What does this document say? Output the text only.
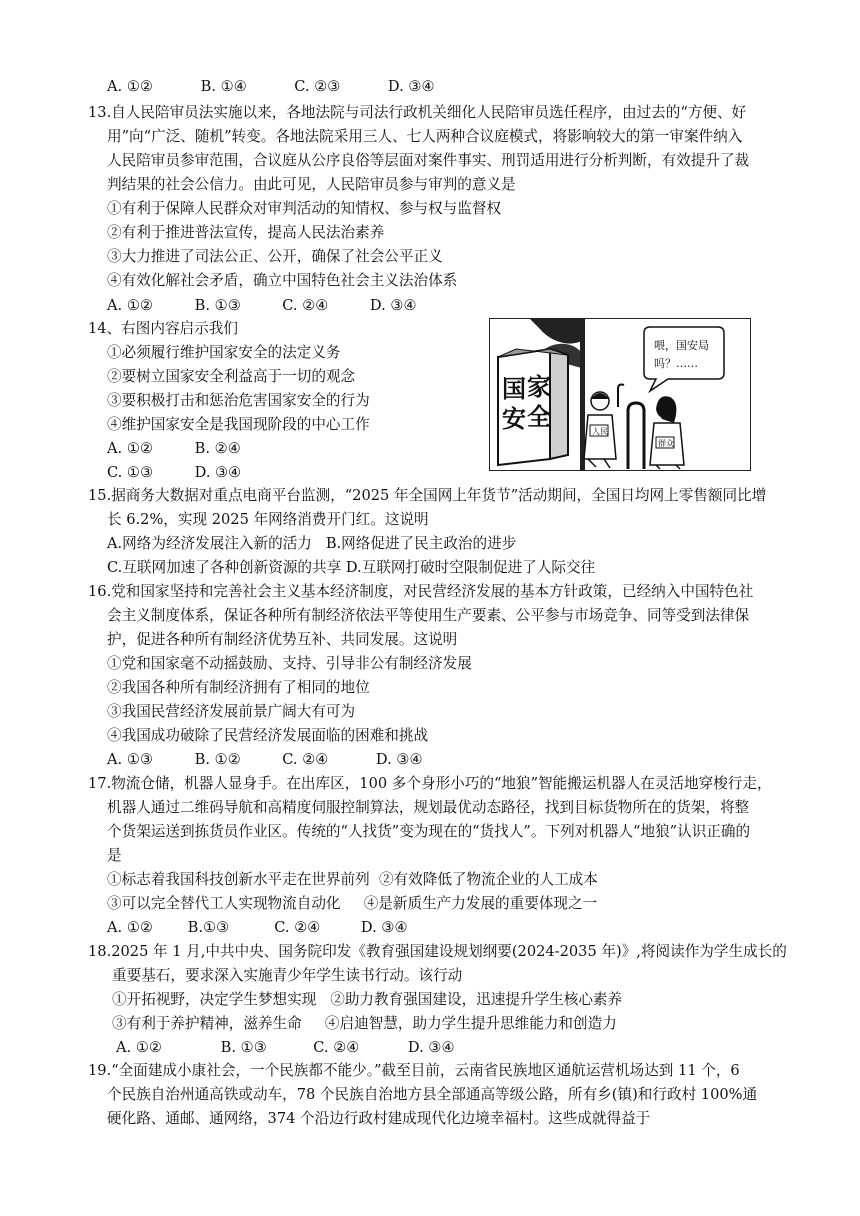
A. ①②	B. ①④	C. ②③	D. ③④
13.自人民陪审员法实施以来，各地法院与司法行政机关细化人民陪审员选任程序，由过去的“方便、好
用”向“广泛、随机”转变。各地法院采用三人、七人两种合议庭模式，将影响较大的第一审案件纳入
人民陪审员参审范围，合议庭从公序良俗等层面对案件事实、刑罚适用进行分析判断，有效提升了裁
判结果的社会公信力。由此可见，人民陪审员参与审判的意义是
①有利于保障人民群众对审判活动的知情权、参与权与监督权
②有利于推进普法宣传，提高人民法治素养
③大力推进了司法公正、公开，确保了社会公平正义
④有效化解社会矛盾，确立中国特色社会主义法治体系
A. ①②	B. ①③	C. ②④	D. ③④
14、右图内容启示我们
①必须履行维护国家安全的法定义务
②要树立国家安全利益高于一切的观念
③要积极打击和惩治危害国家安全的行为
④维护国家安全是我国现阶段的中心工作
A. ①②	B. ②④
C. ①③	D. ③④
国 家
安 全
喂，国安局
吗？……
人民
群众
15.据商务大数据对重点电商平台监测，“2025 年全国网上年货节”活动期间，全国日均网上零售额同比增
长 6.2%，实现 2025 年网络消费开门红。这说明
A.网络为经济发展注入新的活力   B.网络促进了民主政治的进步
C.互联网加速了各种创新资源的共享 D.互联网打破时空限制促进了人际交往
16.党和国家坚持和完善社会主义基本经济制度，对民营经济发展的基本方针政策，已经纳入中国特色社
会主义制度体系，保证各种所有制经济依法平等使用生产要素、公平参与市场竞争、同等受到法律保
护，促进各种所有制经济优势互补、共同发展。这说明
①党和国家毫不动摇鼓励、支持、引导非公有制经济发展
②我国各种所有制经济拥有了相同的地位
③我国民营经济发展前景广阔大有可为
④我国成功破除了民营经济发展面临的困难和挑战
A. ①③	B. ①②	C. ②④	D. ③④
17.物流仓储，机器人显身手。在出库区，100 多个身形小巧的“地狼”智能搬运机器人在灵活地穿梭行走，
机器人通过二维码导航和高精度伺服控制算法，规划最优动态路径，找到目标货物所在的货架，将整
个货架运送到拣货员作业区。传统的“人找货”变为现在的“货找人”。下列对机器人“地狼”认识正确的
是
①标志着我国科技创新水平走在世界前列  ②有效降低了物流企业的人工成本
③可以完全替代工人实现物流自动化     ④是新质生产力发展的重要体现之一
A. ①② B.①③	C. ②④	D. ③④
18.2025 年 1 月,中共中央、国务院印发《教育强国建设规划纲要(2024-2035 年)》,将阅读作为学生成长的
重要基石，要求深入实施青少年学生读书行动。该行动
①开拓视野，决定学生梦想实现   ②助力教育强国建设，迅速提升学生核心素养
③有利于养护精神，滋养生命     ④启迪智慧，助力学生提升思维能力和创造力
A. ①②	B. ①③	C. ②④	D. ③④
19.“全面建成小康社会，一个民族都不能少。”截至目前，云南省民族地区通航运营机场达到 11 个，6
个民族自治州通高铁或动车，78 个民族自治地方县全部通高等级公路，所有乡(镇)和行政村 100%通
硬化路、通邮、通网络，374 个沿边行政村建成现代化边境幸福村。这些成就得益于
